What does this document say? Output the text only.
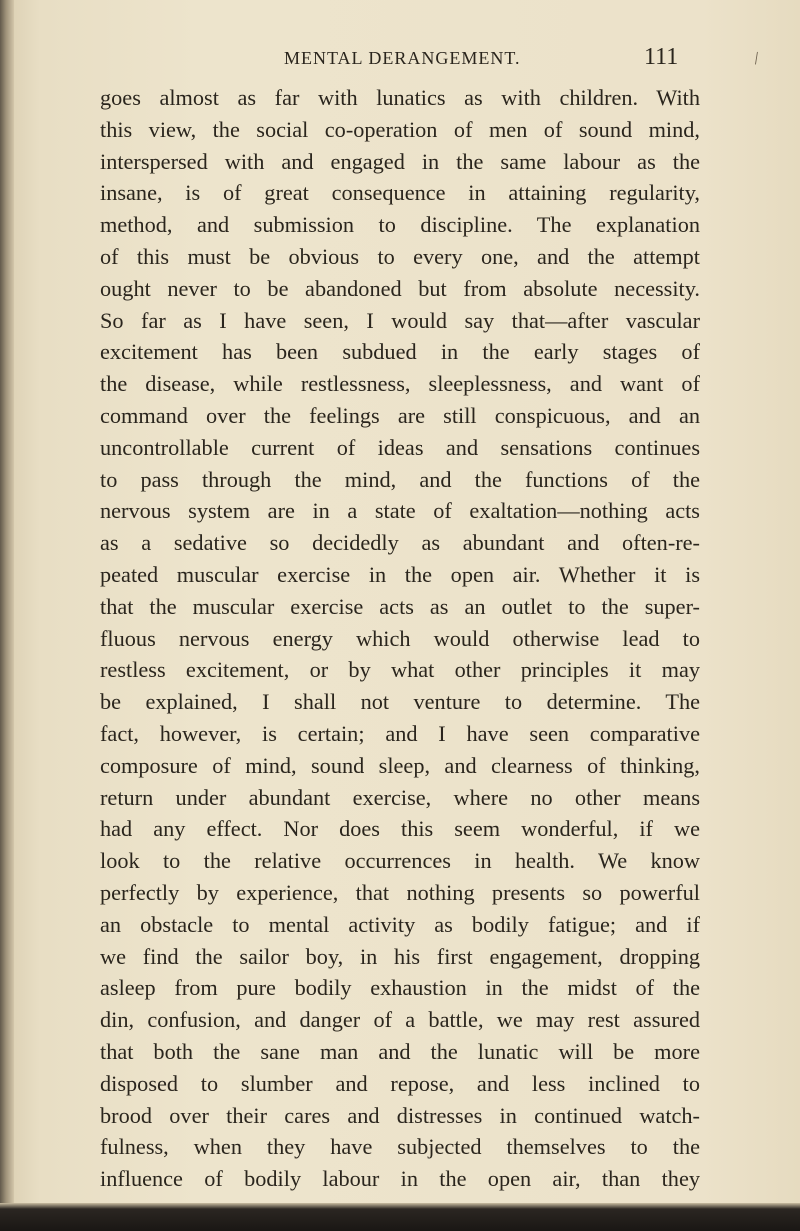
MENTAL DERANGEMENT.	111	/
goes almost as far with lunatics as with children. With
this view, the social co-operation of men of sound mind,
interspersed with and engaged in the same labour as the
insane, is of great consequence in attaining regularity,
method, and submission to discipline. The explanation
of this must be obvious to every one, and the attempt
ought never to be abandoned but from absolute necessity.
So far as I have seen, I would say that—after vascular
excitement has been subdued in the early stages of
the disease, while restlessness, sleeplessness, and want of
command over the feelings are still conspicuous, and an
uncontrollable current of ideas and sensations continues
to pass through the mind, and the functions of the
nervous system are in a state of exaltation—nothing acts
as a sedative so decidedly as abundant and often-re-
peated muscular exercise in the open air. Whether it is
that the muscular exercise acts as an outlet to the super-
fluous nervous energy which would otherwise lead to
restless excitement, or by what other principles it may
be explained, I shall not venture to determine. The
fact, however, is certain; and I have seen comparative
composure of mind, sound sleep, and clearness of thinking,
return under abundant exercise, where no other means
had any effect. Nor does this seem wonderful, if we
look to the relative occurrences in health. We know
perfectly by experience, that nothing presents so powerful
an obstacle to mental activity as bodily fatigue; and if
we find the sailor boy, in his first engagement, dropping
asleep from pure bodily exhaustion in the midst of the
din, confusion, and danger of a battle, we may rest assured
that both the sane man and the lunatic will be more
disposed to slumber and repose, and less inclined to
brood over their cares and distresses in continued watch-
fulness, when they have subjected themselves to the
influence of bodily labour in the open air, than they
